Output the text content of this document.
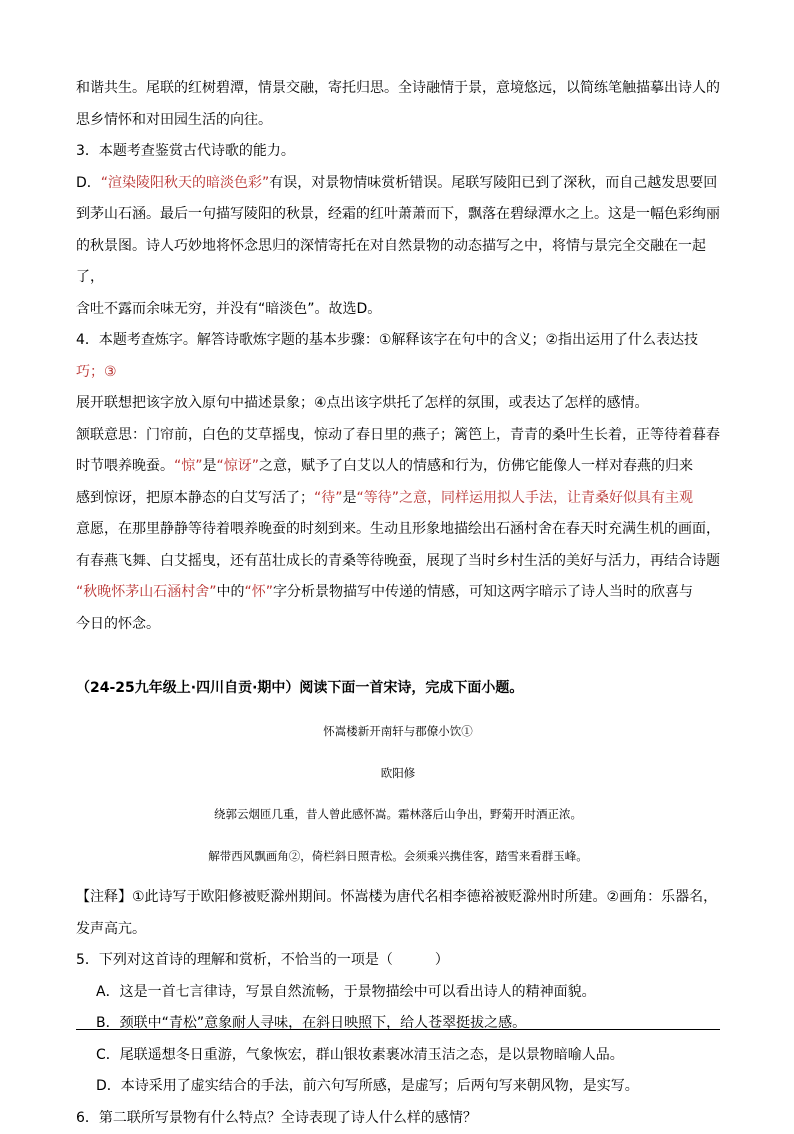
和谐共生。尾联的红树碧潭，情景交融，寄托归思。全诗融情于景，意境悠远，以简练笔触描摹出诗人的

思乡情怀和对田园生活的向往。

3．本题考查鉴赏古代诗歌的能力。

D．“渲染陵阳秋天的暗淡色彩”有误，对景物情味赏析错误。尾联写陵阳已到了深秋，而自己越发思要回

到茅山石涵。最后一句描写陵阳的秋景，经霜的红叶萧萧而下，飘落在碧绿潭水之上。这是一幅色彩绚丽

的秋景图。诗人巧妙地将怀念思归的深情寄托在对自然景物的动态描写之中，将情与景完全交融在一起了，

含吐不露而余味无穷，并没有“暗淡色”。故选D。

4．本题考查炼字。解答诗歌炼字题的基本步骤：①解释该字在句中的含义；②指出运用了什么表达技巧；③

展开联想把该字放入原句中描述景象；④点出该字烘托了怎样的氛围，或表达了怎样的感情。

颔联意思：门帘前，白色的艾草摇曳，惊动了春日里的燕子；篱笆上，青青的桑叶生长着，正等待着暮春

时节喂养晚蚕。“惊”是“惊讶”之意，赋予了白艾以人的情感和行为，仿佛它能像人一样对春燕的归来

感到惊讶，把原本静态的白艾写活了；“待”是“等待”之意，同样运用拟人手法，让青桑好似具有主观

意愿，在那里静静等待着喂养晚蚕的时刻到来。生动且形象地描绘出石涵村舍在春天时充满生机的画面，

有春燕飞舞、白艾摇曳，还有茁壮成长的青桑等待晚蚕，展现了当时乡村生活的美好与活力，再结合诗题

“秋晚怀茅山石涵村舍”中的“怀”字分析景物描写中传递的情感，可知这两字暗示了诗人当时的欣喜与

今日的怀念。

（24-25九年级上·四川自贡·期中）阅读下面一首宋诗，完成下面小题。

怀嵩楼新开南轩与郡僚小饮①

欧阳修

绕郭云烟匝几重，昔人曾此感怀嵩。霜林落后山争出，野菊开时酒正浓。

解带西风飘画角②，倚栏斜日照青松。会须乘兴携佳客，踏雪来看群玉峰。

【注释】①此诗写于欧阳修被贬滁州期间。怀嵩楼为唐代名相李德裕被贬滁州时所建。②画角：乐器名，

发声高亢。

5．下列对这首诗的理解和赏析，不恰当的一项是（　　　）

A．这是一首七言律诗，写景自然流畅，于景物描绘中可以看出诗人的精神面貌。

B．颈联中“青松”意象耐人寻味，在斜日映照下，给人苍翠挺拔之感。

C．尾联遥想冬日重游，气象恢宏，群山银妆素裹冰清玉洁之态，是以景物暗喻人品。

D．本诗采用了虚实结合的手法，前六句写所感，是虚写；后两句写来朝风物，是实写。

6．第二联所写景物有什么特点？全诗表现了诗人什么样的感情？
